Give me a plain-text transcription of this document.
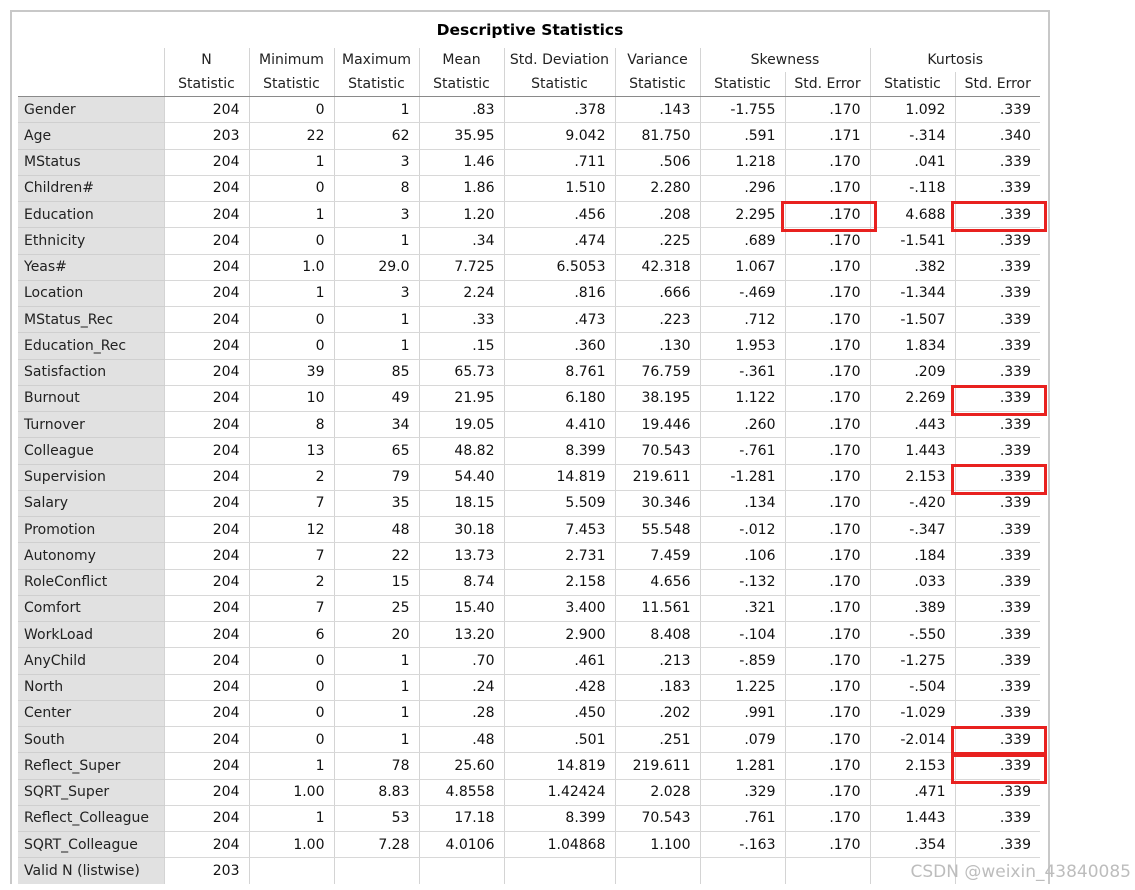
Descriptive Statistics
	N	Minimum	Maximum	Mean	Std. Deviation	Variance	Skewness		Kurtosis	
	Statistic	Statistic	Statistic	Statistic	Statistic	Statistic	Statistic	Std. Error	Statistic	Std. Error
Gender	204	0	1	.83	.378	.143	-1.755	.170	1.092	.339
Age	203	22	62	35.95	9.042	81.750	.591	.171	-.314	.340
MStatus	204	1	3	1.46	.711	.506	1.218	.170	.041	.339
Children#	204	0	8	1.86	1.510	2.280	.296	.170	-.118	.339
Education	204	1	3	1.20	.456	.208	2.295	.170	4.688	.339

Ethnicity	204	0	1	.34	.474	.225	.689	.170	-1.541	.339
Yeas#	204	1.0	29.0	7.725	6.5053	42.318	1.067	.170	.382	.339
Location	204	1	3	2.24	.816	.666	-.469	.170	-1.344	.339
MStatus_Rec	204	0	1	.33	.473	.223	.712	.170	-1.507	.339
Education_Rec	204	0	1	.15	.360	.130	1.953	.170	1.834	.339
Satisfaction	204	39	85	65.73	8.761	76.759	-.361	.170	.209	.339
Burnout	204	10	49	21.95	6.180	38.195	1.122	.170	2.269	.339

Turnover	204	8	34	19.05	4.410	19.446	.260	.170	.443	.339
Colleague	204	13	65	48.82	8.399	70.543	-.761	.170	1.443	.339
Supervision	204	2	79	54.40	14.819	219.611	-1.281	.170	2.153	.339

Salary	204	7	35	18.15	5.509	30.346	.134	.170	-.420	.339
Promotion	204	12	48	30.18	7.453	55.548	-.012	.170	-.347	.339
Autonomy	204	7	22	13.73	2.731	7.459	.106	.170	.184	.339
RoleConflict	204	2	15	8.74	2.158	4.656	-.132	.170	.033	.339
Comfort	204	7	25	15.40	3.400	11.561	.321	.170	.389	.339
WorkLoad	204	6	20	13.20	2.900	8.408	-.104	.170	-.550	.339
AnyChild	204	0	1	.70	.461	.213	-.859	.170	-1.275	.339
North	204	0	1	.24	.428	.183	1.225	.170	-.504	.339
Center	204	0	1	.28	.450	.202	.991	.170	-1.029	.339
South	204	0	1	.48	.501	.251	.079	.170	-2.014	.339

Reflect_Super	204	1	78	25.60	14.819	219.611	1.281	.170	2.153	.339

SQRT_Super	204	1.00	8.83	4.8558	1.42424	2.028	.329	.170	.471	.339
Reflect_Colleague	204	1	53	17.18	8.399	70.543	.761	.170	1.443	.339
SQRT_Colleague	204	1.00	7.28	4.0106	1.04868	1.100	-.163	.170	.354	.339
Valid N (listwise)	203										CSDN @weixin_43840085
